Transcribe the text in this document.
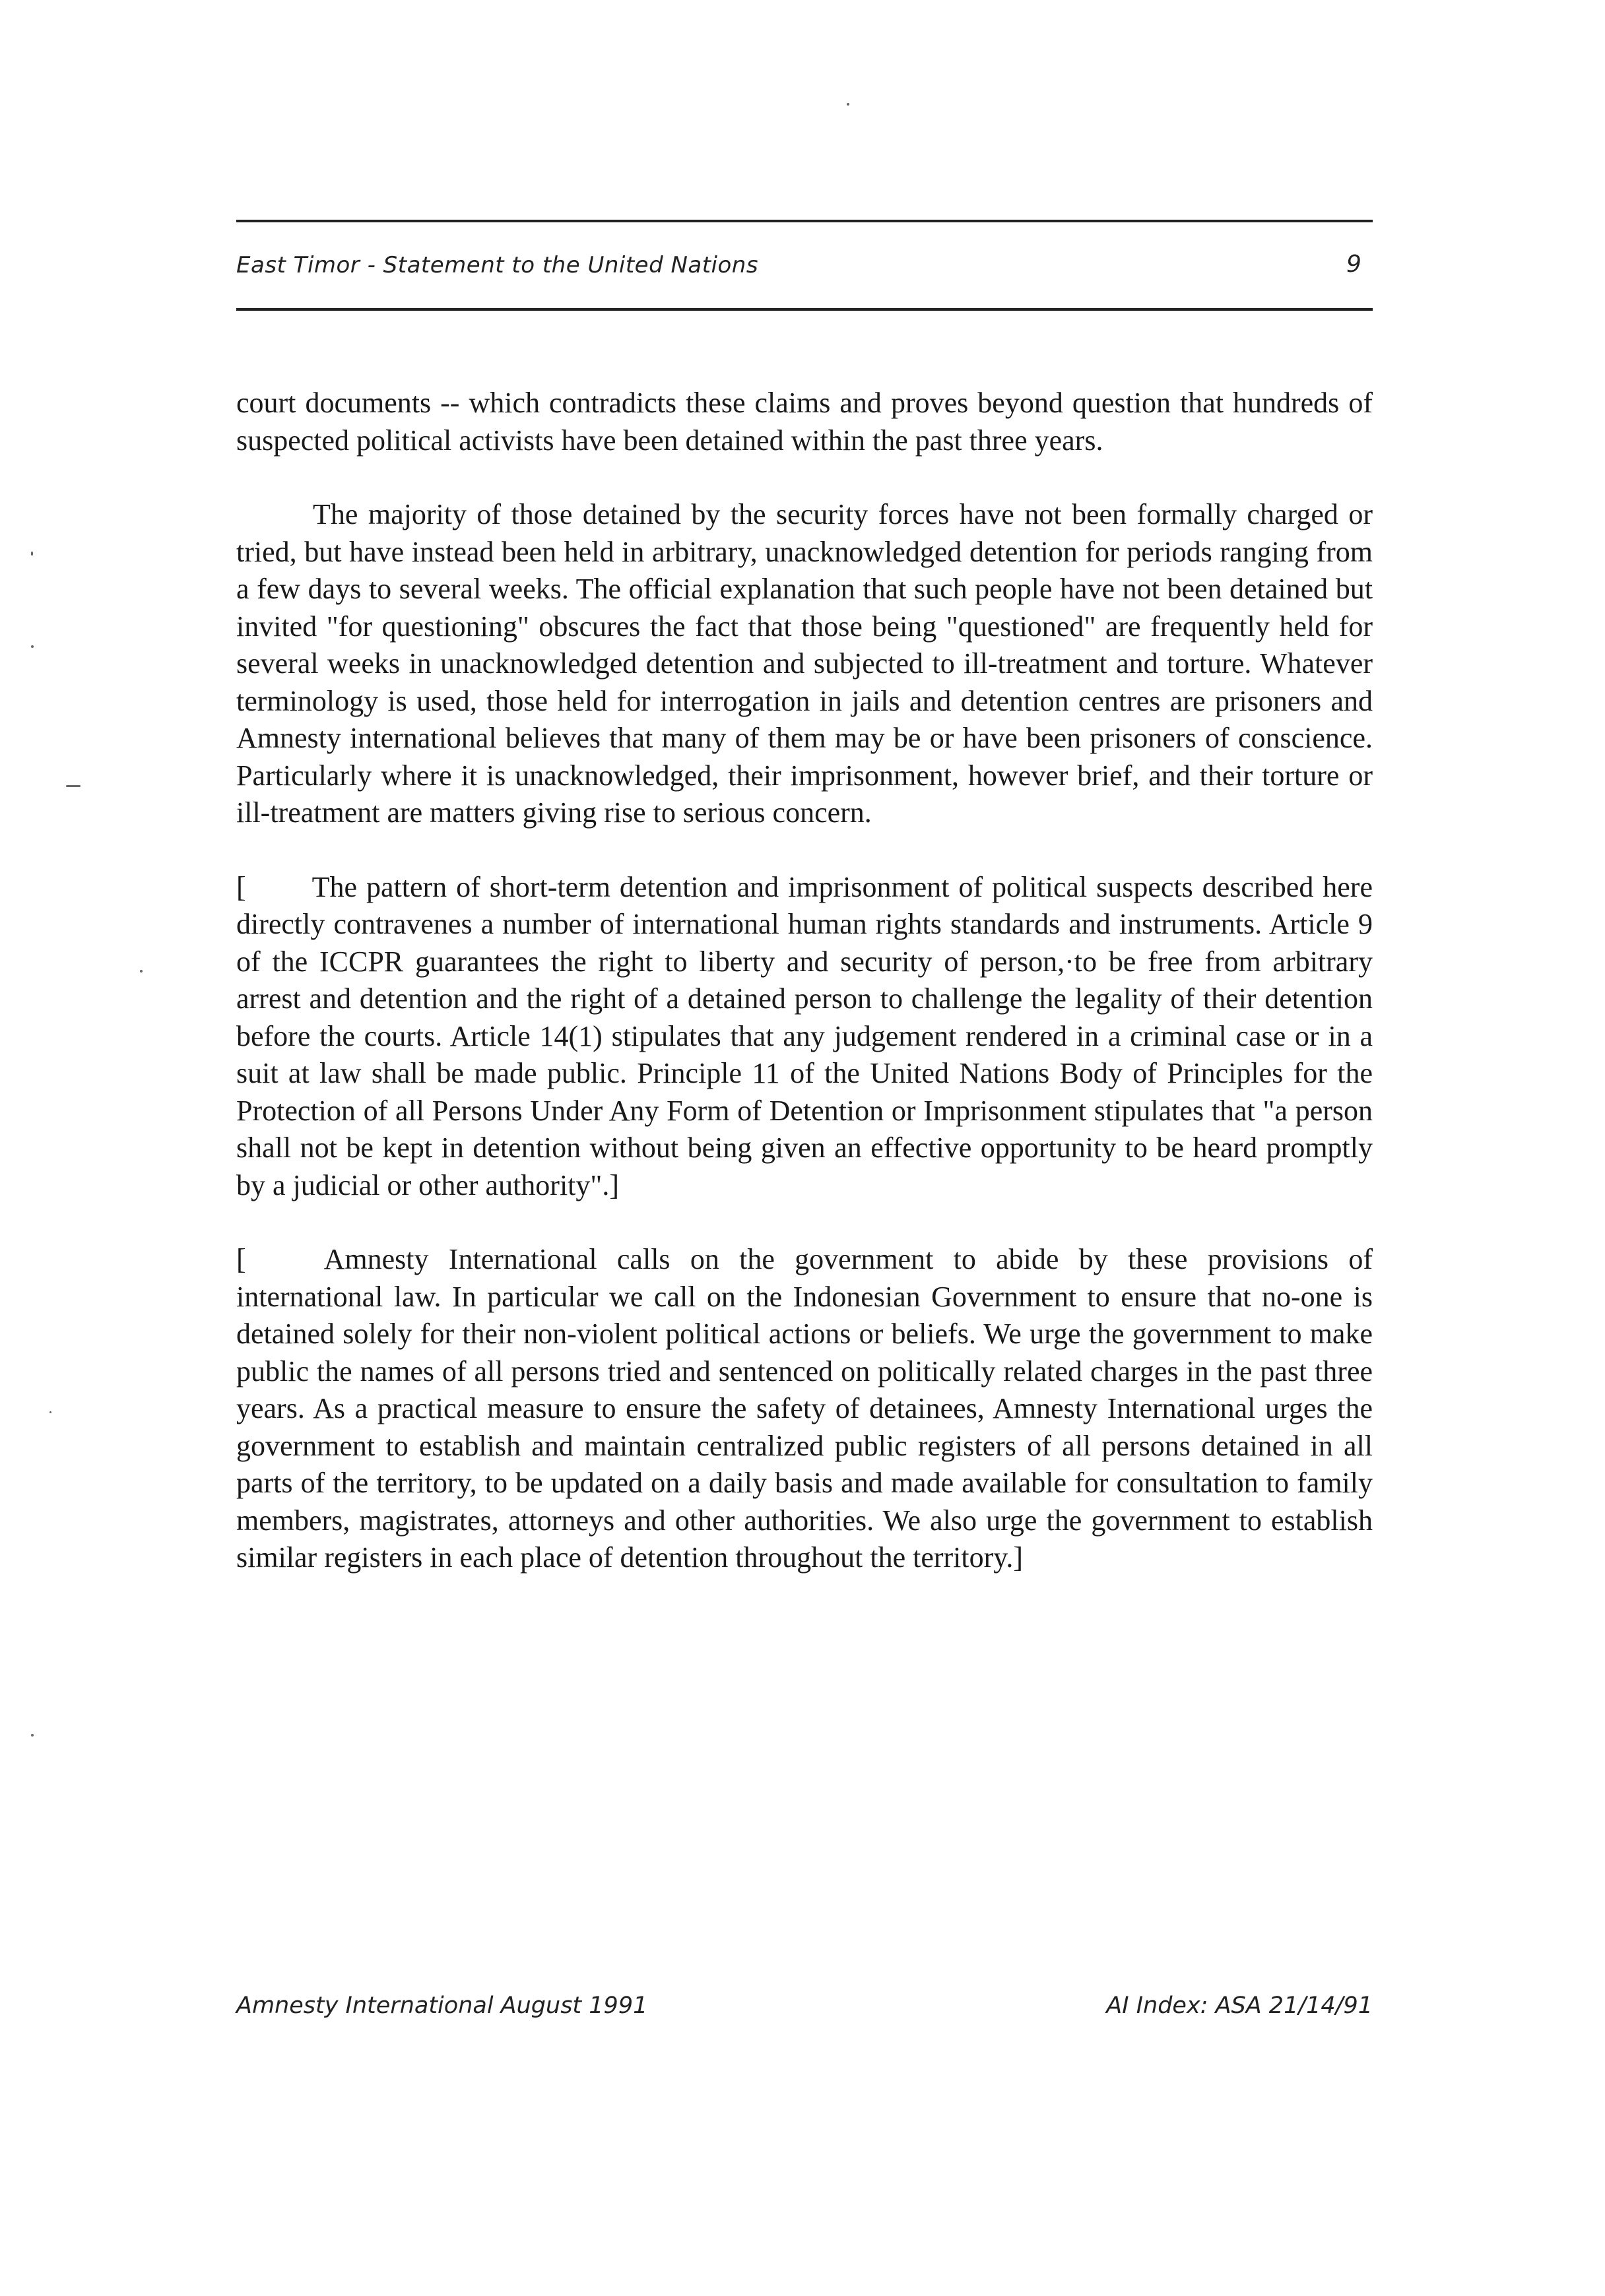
East Timor - Statement to the United Nations	9

court documents -- which contradicts these claims and proves beyond question that hundreds of suspected political activists have been detained within the past three years.

The majority of those detained by the security forces have not been formally charged or tried, but have instead been held in arbitrary, unacknowledged detention for periods ranging from a few days to several weeks. The official explanation that such people have not been detained but invited "for questioning" obscures the fact that those being "questioned" are frequently held for several weeks in unacknowledged detention and subjected to ill-treatment and torture. Whatever terminology is used, those held for interrogation in jails and detention centres are prisoners and Amnesty international believes that many of them may be or have been prisoners of conscience. Particularly where it is unacknowledged, their imprisonment, however brief, and their torture or ill-treatment are matters giving rise to serious concern.

[ The pattern of short-term detention and imprisonment of political suspects described here directly contravenes a number of international human rights standards and instruments. Article 9 of the ICCPR guarantees the right to liberty and security of person,·to be free from arbitrary arrest and detention and the right of a detained person to challenge the legality of their detention before the courts. Article 14(1) stipulates that any judgement rendered in a criminal case or in a suit at law shall be made public. Principle 11 of the United Nations Body of Principles for the Protection of all Persons Under Any Form of Detention or Imprisonment stipulates that "a person shall not be kept in detention without being given an effective opportunity to be heard promptly by a judicial or other authority".]

[	Amnesty International calls on the government to abide by these provisions of international law. In particular we call on the Indonesian Government to ensure that no-one is detained solely for their non-violent political actions or beliefs. We urge the government to make public the names of all persons tried and sentenced on politically related charges in the past three years. As a practical measure to ensure the safety of detainees, Amnesty International urges the government to establish and maintain centralized public registers of all persons detained in all parts of the territory, to be updated on a daily basis and made available for consultation to family members, magistrates, attorneys and other authorities. We also urge the government to establish similar registers in each place of detention throughout the territory.]

Amnesty International August 1991	AI Index: ASA 21/14/91
